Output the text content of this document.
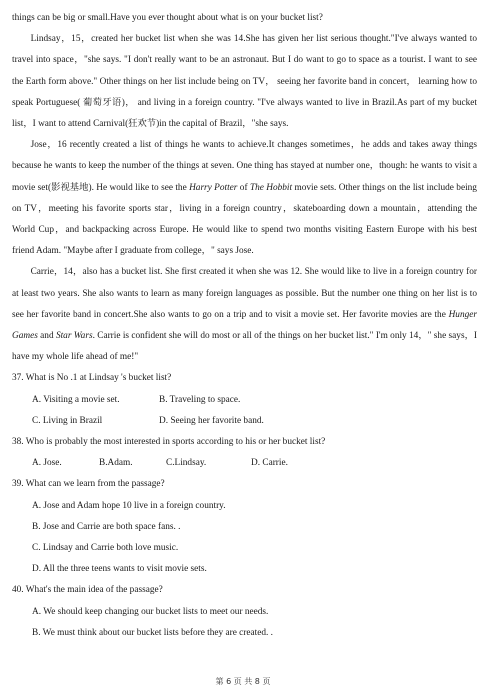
things can be big or small.Have you ever thought about what is on your bucket list?

Lindsay，15，created her bucket list when she was 14.She has given her list serious thought."I've always wanted to travel into space，"she says. "I don't really want to be an astronaut. But I do want to go to space as a tourist. I want to see the Earth form above." Other things on her list include being on TV， seeing her favorite band in concert， learning how to speak Portuguese( 葡萄牙语)， and living in a foreign country. "I've always wanted to live in Brazil.As part of my bucket list，I want to attend Carnival(狂欢节)in the capital of Brazil，"she says.

Jose，16 recently created a list of things he wants to achieve.It changes sometimes，he adds and takes away things because he wants to keep the number of the things at seven. One thing has stayed at number one，though: he wants to visit a movie set(影视基地). He would like to see the Harry Potter of The Hobbit movie sets. Other things on the list include being on TV，meeting his favorite sports star，living in a foreign country，skateboarding down a mountain，attending the World Cup，and backpacking across Europe. He would like to spend two months visiting Eastern Europe with his best friend Adam. "Maybe after I graduate from college，" says Jose.

Carrie，14，also has a bucket list. She first created it when she was 12. She would like to live in a foreign country for at least two years. She also wants to learn as many foreign languages as possible. But the number one thing on her list is to see her favorite band in concert.She also wants to go on a trip and to visit a movie set. Her favorite movies are the Hunger Games and Star Wars. Carrie is confident she will do most or all of the things on her bucket list." I'm only 14，" she says，I have my whole life ahead of me!"

37. What is No .1 at Lindsay 's bucket list?
A. Visiting a movie set.	B. Traveling to space.
C. Living in Brazil	D. Seeing her favorite band.
38. Who is probably the most interested in sports according to his or her bucket list?
A. Jose.	B.Adam.	C.Lindsay.	D. Carrie.
39. What can we learn from the passage?
A. Jose and Adam hope 10 live in a foreign country.
B. Jose and Carrie are both space fans. .
C. Lindsay and Carrie both love music.
D. All the three teens wants to visit movie sets.
40. What's the main idea of the passage?
A. We should keep changing our bucket lists to meet our needs.
B. We must think about our bucket lists before they are created. .
第 6 页 共 8 页
